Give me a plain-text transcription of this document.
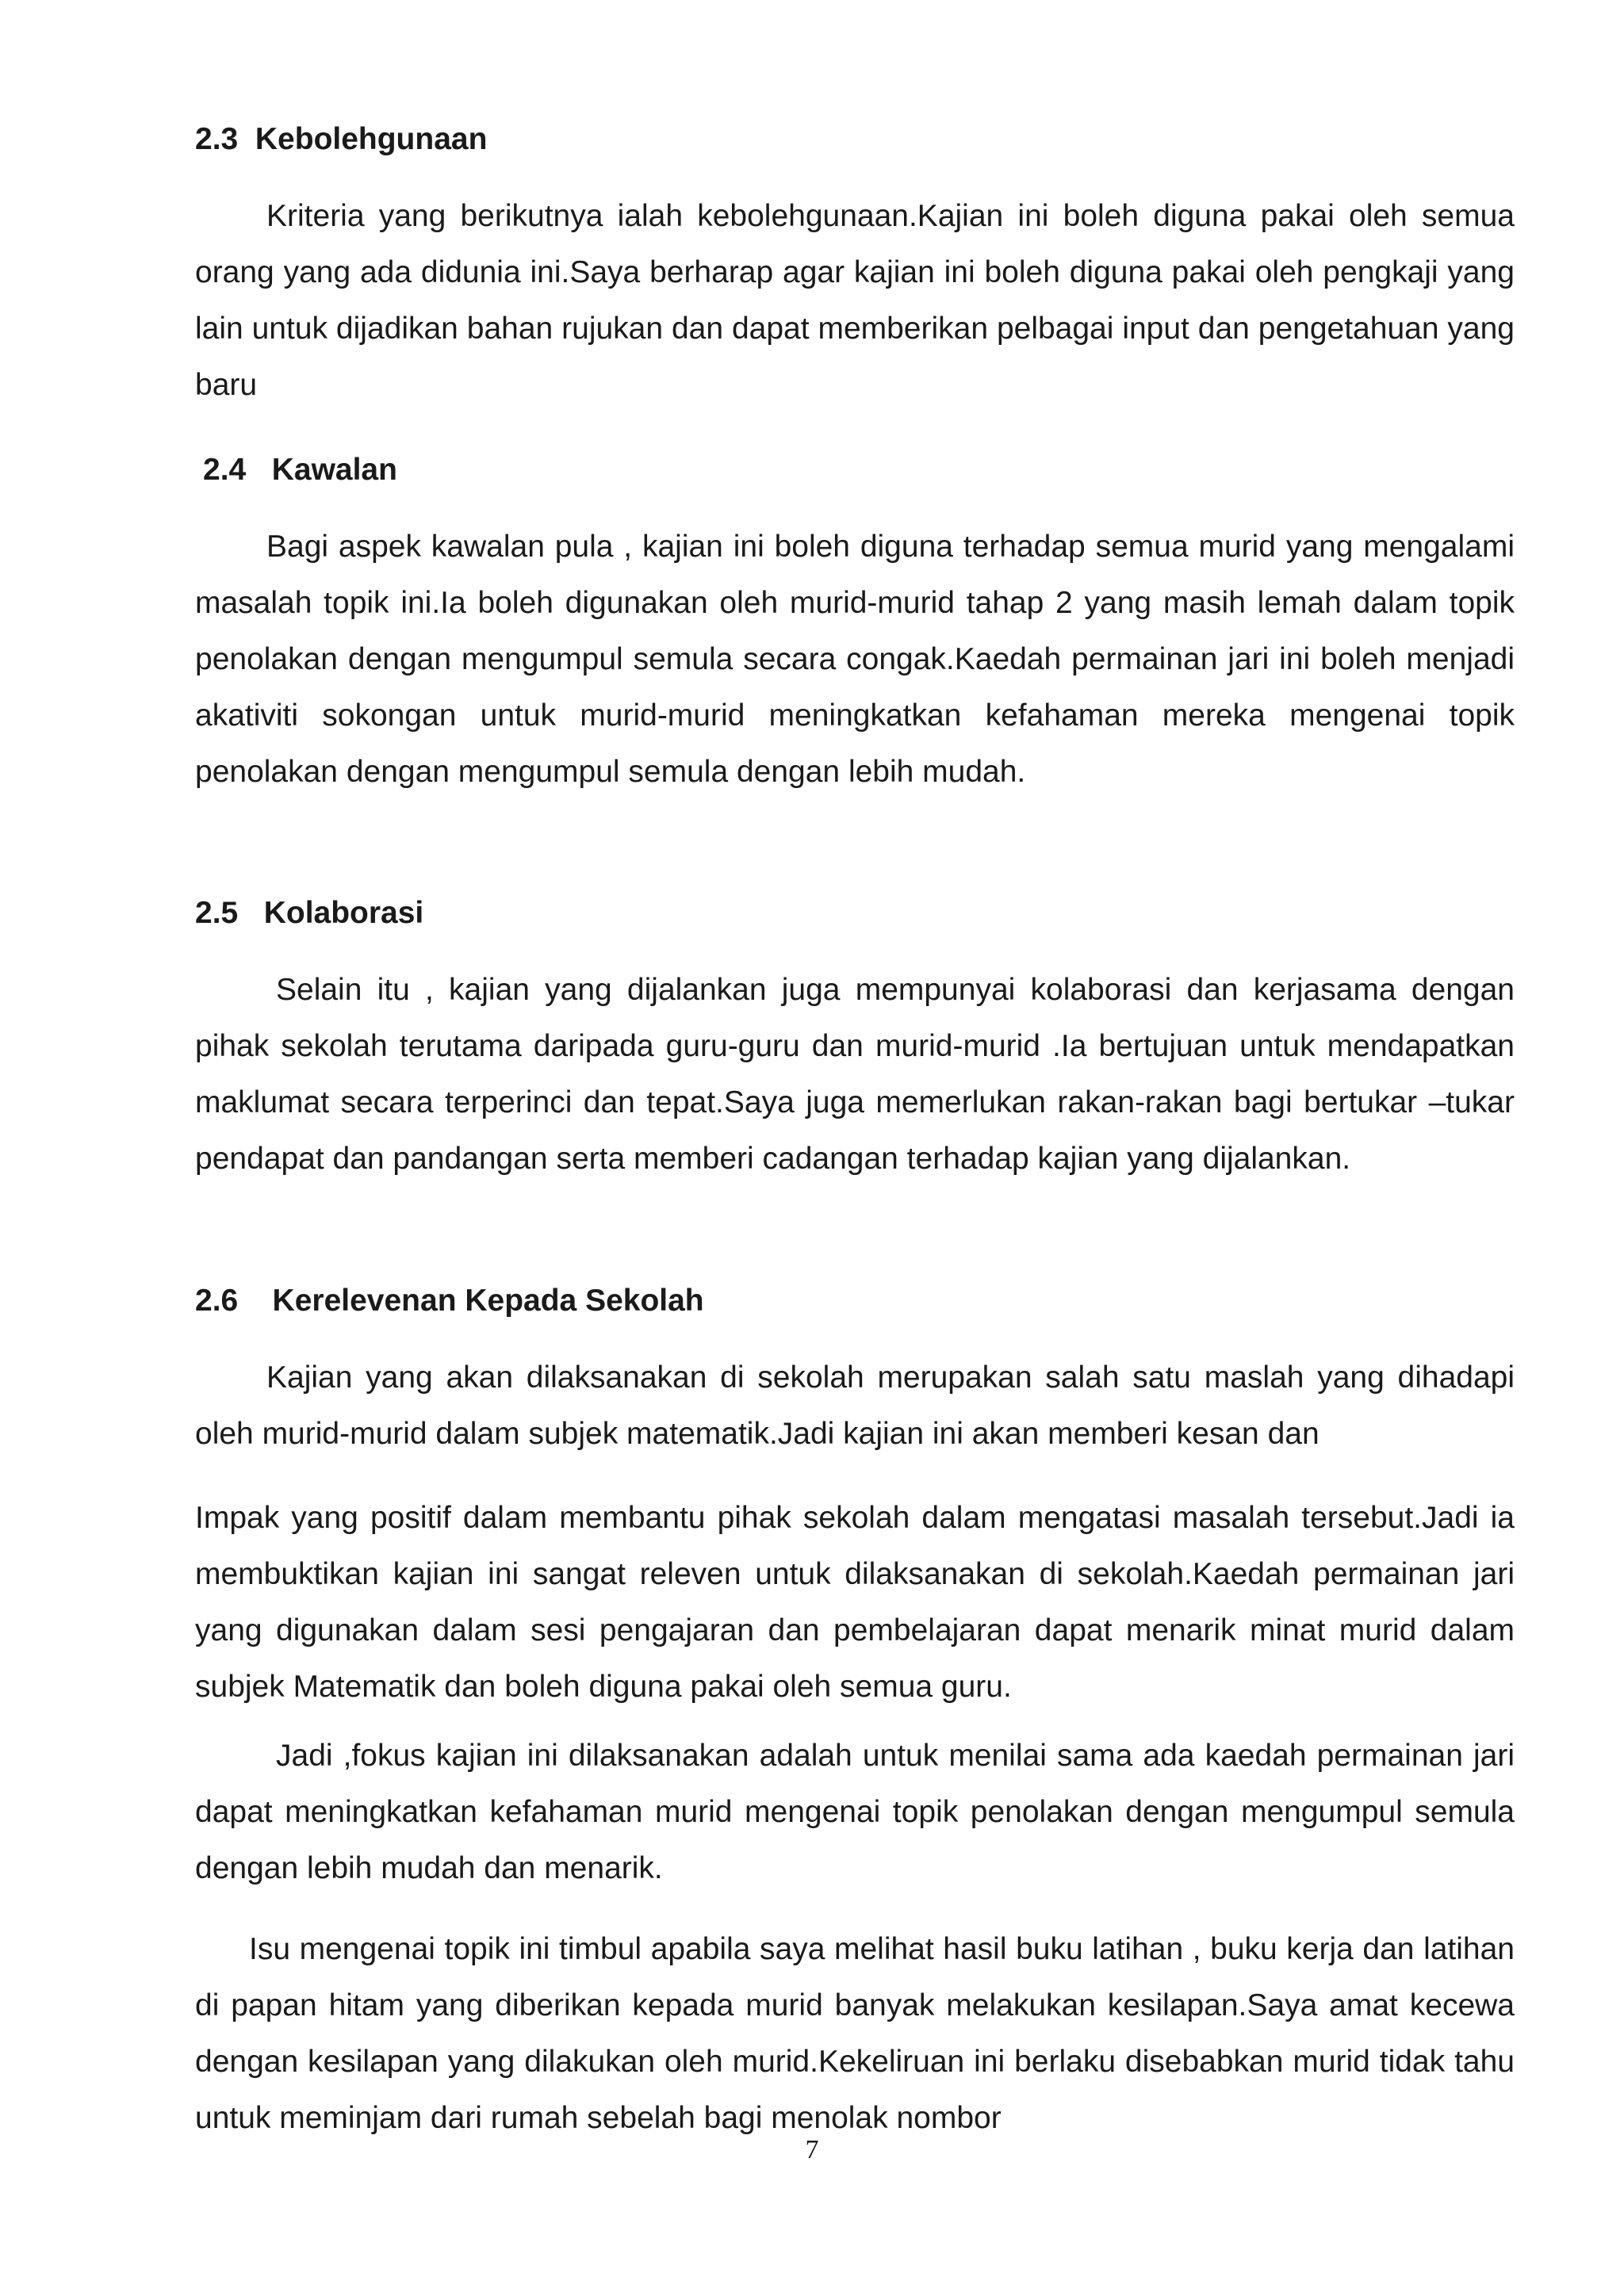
2.3  Kebolehgunaan
Kriteria yang berikutnya ialah kebolehgunaan.Kajian ini boleh diguna pakai oleh semua orang yang ada didunia ini.Saya berharap agar kajian ini boleh diguna pakai oleh pengkaji yang lain untuk dijadikan bahan rujukan dan dapat memberikan pelbagai input dan pengetahuan yang baru
2.4   Kawalan
Bagi aspek kawalan pula , kajian ini boleh diguna terhadap semua murid yang mengalami masalah topik ini.Ia boleh digunakan oleh murid-murid tahap 2 yang masih lemah dalam topik penolakan dengan mengumpul semula secara congak.Kaedah permainan jari ini boleh menjadi akativiti sokongan untuk murid-murid meningkatkan kefahaman mereka mengenai topik penolakan dengan mengumpul semula dengan lebih mudah.
2.5   Kolaborasi
Selain itu , kajian yang dijalankan juga mempunyai kolaborasi dan kerjasama dengan pihak sekolah terutama daripada guru-guru dan murid-murid .Ia bertujuan untuk mendapatkan maklumat secara terperinci dan tepat.Saya juga memerlukan rakan-rakan bagi bertukar –tukar pendapat dan pandangan serta memberi cadangan terhadap kajian yang dijalankan.
2.6    Kerelevenan Kepada Sekolah
Kajian yang akan dilaksanakan di sekolah merupakan salah satu maslah yang dihadapi oleh murid-murid dalam subjek matematik.Jadi kajian ini akan memberi kesan dan
Impak yang positif dalam membantu pihak sekolah dalam mengatasi masalah tersebut.Jadi ia membuktikan kajian ini sangat releven untuk dilaksanakan di sekolah.Kaedah permainan jari yang digunakan dalam sesi pengajaran dan pembelajaran dapat menarik minat murid dalam subjek Matematik dan boleh diguna pakai oleh semua guru.
Jadi ,fokus kajian ini dilaksanakan adalah untuk menilai sama ada kaedah permainan jari dapat meningkatkan kefahaman murid mengenai topik penolakan dengan mengumpul semula dengan lebih mudah dan menarik.
Isu mengenai topik ini timbul apabila saya melihat hasil buku latihan , buku kerja dan latihan di papan hitam yang diberikan kepada murid banyak melakukan kesilapan.Saya amat kecewa dengan kesilapan yang dilakukan oleh murid.Kekeliruan ini berlaku disebabkan murid tidak tahu untuk meminjam dari rumah sebelah bagi menolak nombor
7
